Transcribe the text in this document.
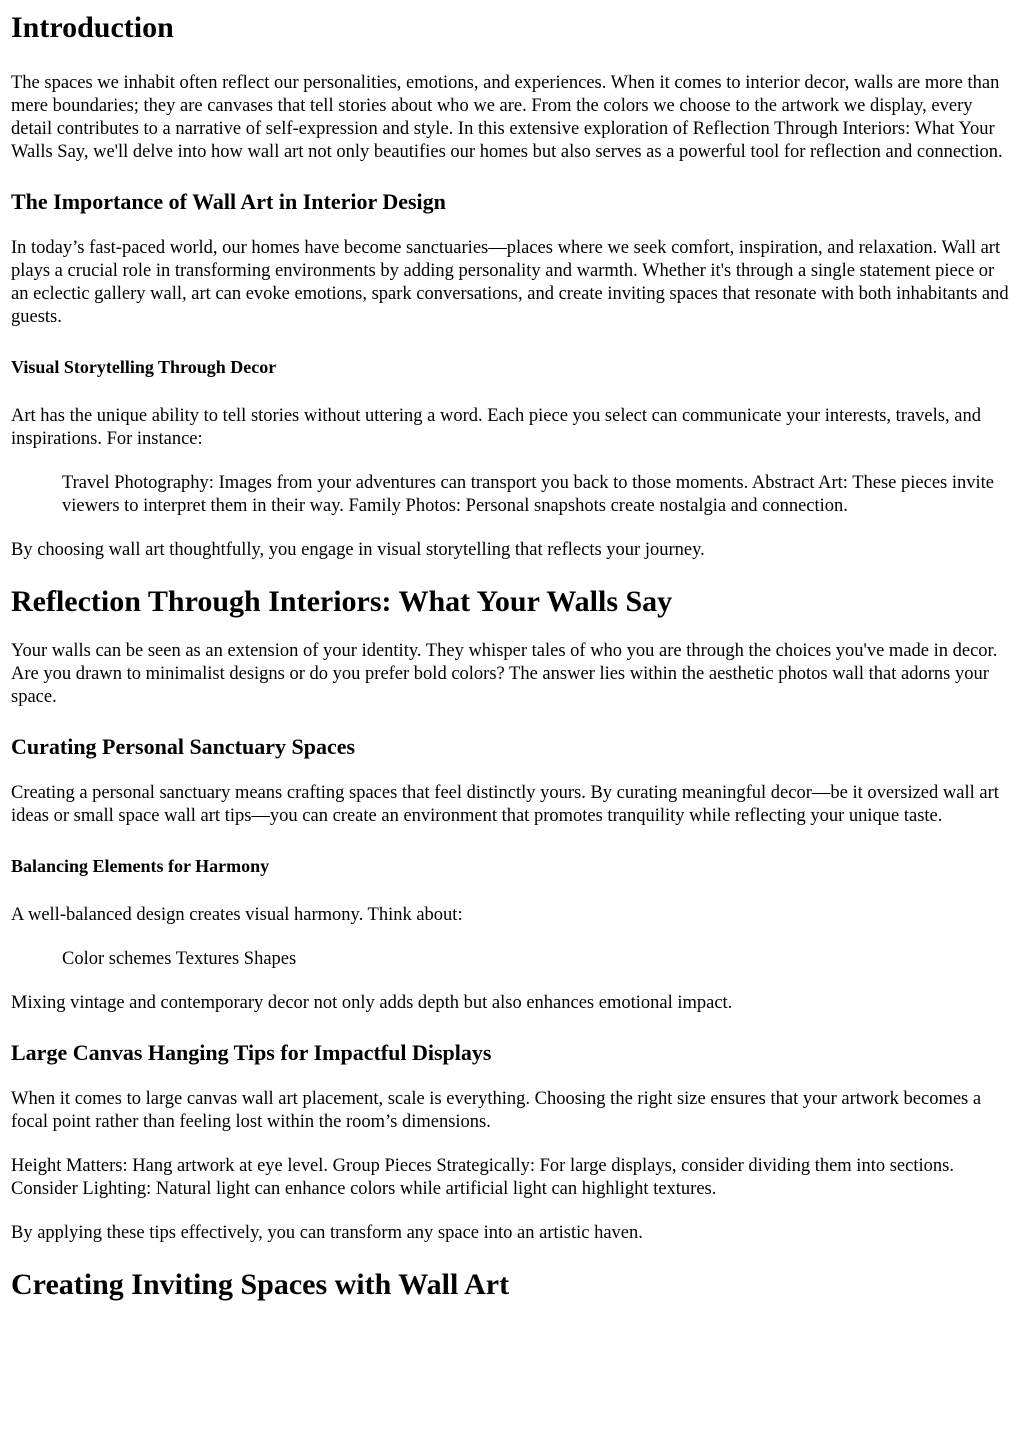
Introduction

The spaces we inhabit often reflect our personalities, emotions, and experiences. When it comes to interior decor, walls are more than mere boundaries; they are canvases that tell stories about who we are. From the colors we choose to the artwork we display, every detail contributes to a narrative of self-expression and style. In this extensive exploration of Reflection Through Interiors: What Your Walls Say, we'll delve into how wall art not only beautifies our homes but also serves as a powerful tool for reflection and connection.

The Importance of Wall Art in Interior Design

In today’s fast-paced world, our homes have become sanctuaries—places where we seek comfort, inspiration, and relaxation. Wall art plays a crucial role in transforming environments by adding personality and warmth. Whether it's through a single statement piece or an eclectic gallery wall, art can evoke emotions, spark conversations, and create inviting spaces that resonate with both inhabitants and guests.

Visual Storytelling Through Decor

Art has the unique ability to tell stories without uttering a word. Each piece you select can communicate your interests, travels, and inspirations. For instance:

Travel Photography: Images from your adventures can transport you back to those moments. Abstract Art: These pieces invite viewers to interpret them in their way. Family Photos: Personal snapshots create nostalgia and connection.

By choosing wall art thoughtfully, you engage in visual storytelling that reflects your journey.

Reflection Through Interiors: What Your Walls Say

Your walls can be seen as an extension of your identity. They whisper tales of who you are through the choices you've made in decor. Are you drawn to minimalist designs or do you prefer bold colors? The answer lies within the aesthetic photos wall that adorns your space.

Curating Personal Sanctuary Spaces

Creating a personal sanctuary means crafting spaces that feel distinctly yours. By curating meaningful decor—be it oversized wall art ideas or small space wall art tips—you can create an environment that promotes tranquility while reflecting your unique taste.

Balancing Elements for Harmony

A well-balanced design creates visual harmony. Think about:

Color schemes Textures Shapes

Mixing vintage and contemporary decor not only adds depth but also enhances emotional impact.

Large Canvas Hanging Tips for Impactful Displays

When it comes to large canvas wall art placement, scale is everything. Choosing the right size ensures that your artwork becomes a focal point rather than feeling lost within the room’s dimensions.

Height Matters: Hang artwork at eye level. Group Pieces Strategically: For large displays, consider dividing them into sections. Consider Lighting: Natural light can enhance colors while artificial light can highlight textures.

By applying these tips effectively, you can transform any space into an artistic haven.

Creating Inviting Spaces with Wall Art
